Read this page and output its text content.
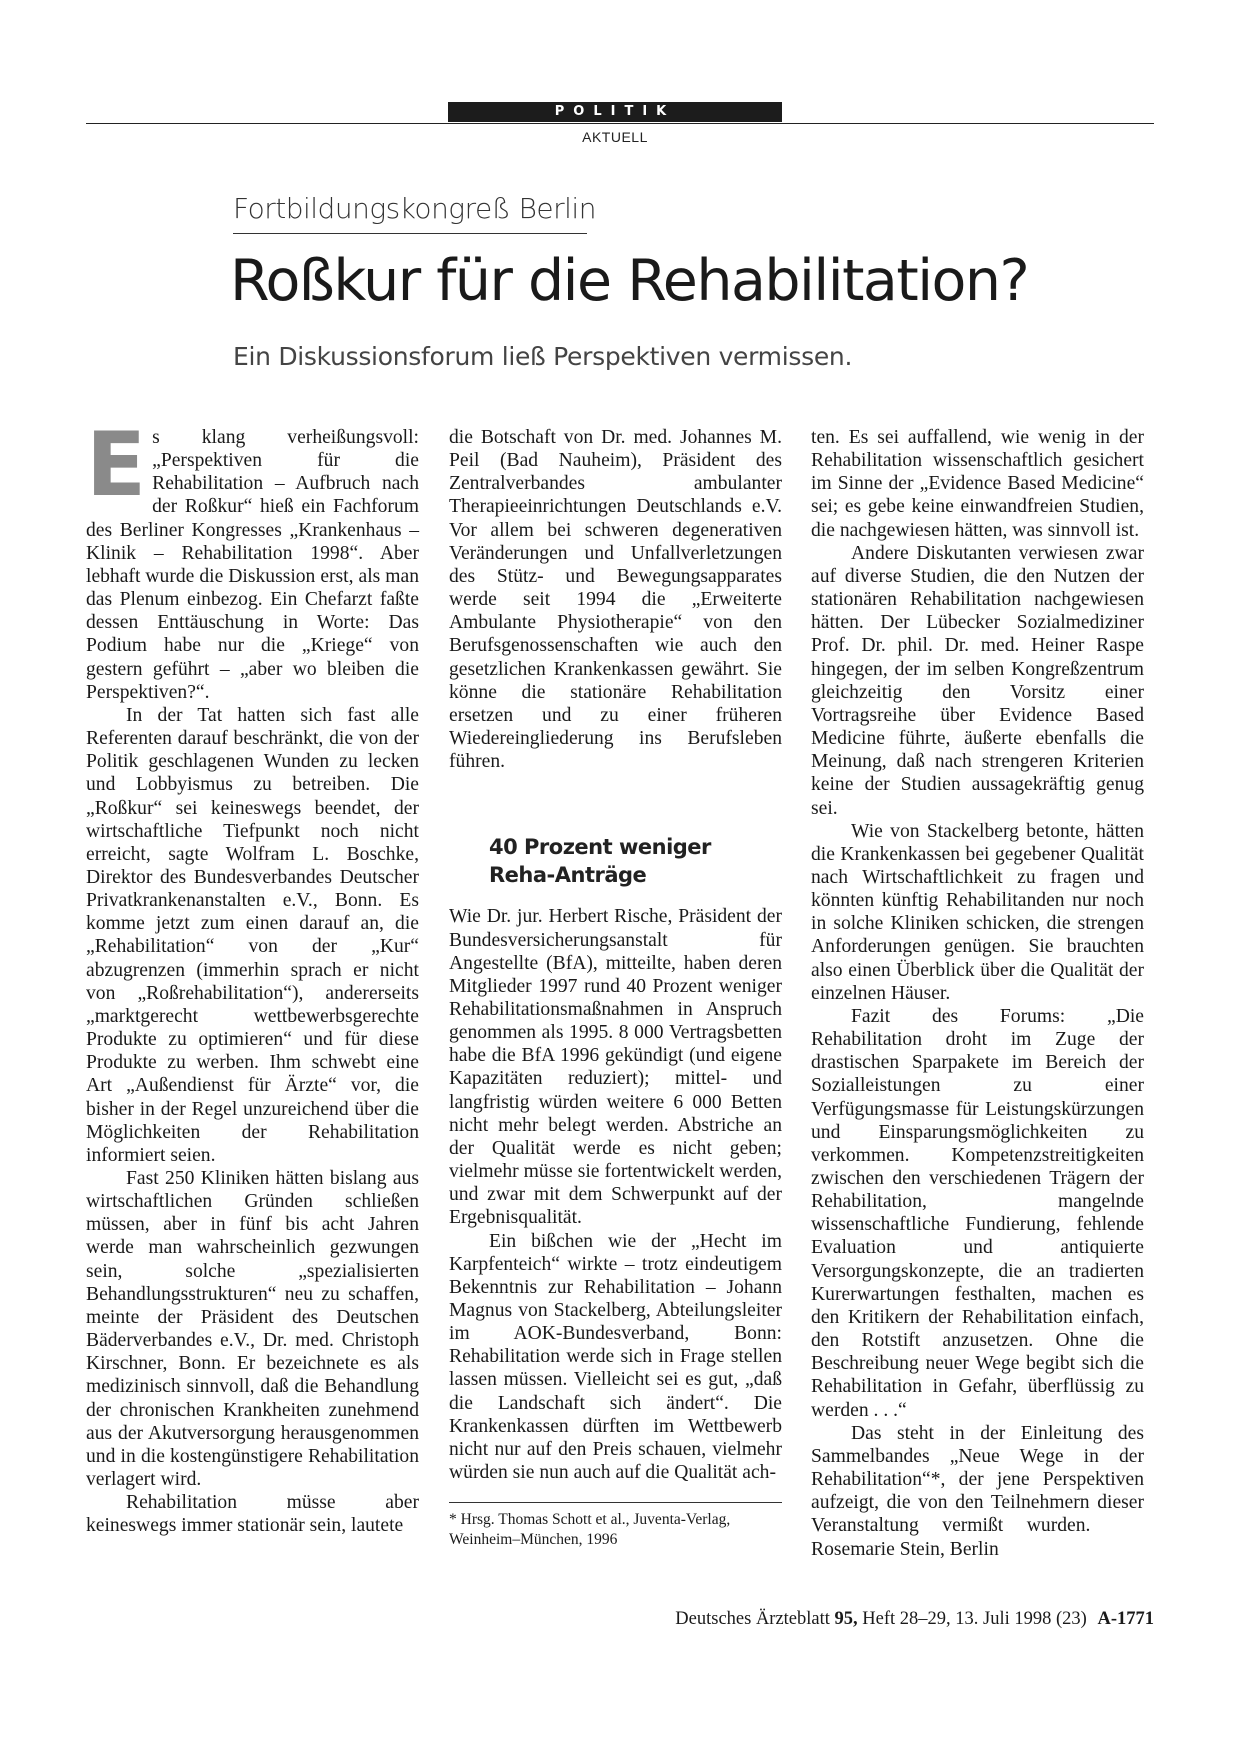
POLITIK
AKTUELL
Fortbildungskongreß Berlin
Roßkur für die Rehabilitation?
Ein Diskussionsforum ließ Perspektiven vermissen.

Es klang verheißungsvoll: „Perspektiven für die Rehabilitation – Aufbruch nach der Roßkur“ hieß ein Fachforum des Berliner Kongresses „Krankenhaus – Klinik – Rehabilitation 1998“. Aber lebhaft wurde die Diskussion erst, als man das Plenum einbezog. Ein Chefarzt faßte dessen Enttäuschung in Worte: Das Podium habe nur die „Kriege“ von gestern geführt – „aber wo bleiben die Perspektiven?“.

In der Tat hatten sich fast alle Referenten darauf beschränkt, die von der Politik geschlagenen Wunden zu lecken und Lobbyismus zu betreiben. Die „Roßkur“ sei keineswegs beendet, der wirtschaftliche Tiefpunkt noch nicht erreicht, sagte Wolfram L. Boschke, Direktor des Bundesverbandes Deutscher Privatkrankenanstalten e.V., Bonn. Es komme jetzt zum einen darauf an, die „Rehabilitation“ von der „Kur“ abzugrenzen (immerhin sprach er nicht von „Roßrehabilitation“), andererseits „marktgerecht wettbewerbsgerechte Produkte zu optimieren“ und für diese Produkte zu werben. Ihm schwebt eine Art „Außendienst für Ärzte“ vor, die bisher in der Regel unzureichend über die Möglichkeiten der Rehabilitation informiert seien.

Fast 250 Kliniken hätten bislang aus wirtschaftlichen Gründen schließen müssen, aber in fünf bis acht Jahren werde man wahrscheinlich gezwungen sein, solche „spezialisierten Behandlungsstrukturen“ neu zu schaffen, meinte der Präsident des Deutschen Bäderverbandes e.V., Dr. med. Christoph Kirschner, Bonn. Er bezeichnete es als medizinisch sinnvoll, daß die Behandlung der chronischen Krankheiten zunehmend aus der Akutversorgung herausgenommen und in die kostengünstigere Rehabilitation verlagert wird.

Rehabilitation müsse aber keineswegs immer stationär sein, lautete

die Botschaft von Dr. med. Johannes M. Peil (Bad Nauheim), Präsident des Zentralverbandes ambulanter Therapieeinrichtungen Deutschlands e.V. Vor allem bei schweren degenerativen Veränderungen und Unfallverletzungen des Stütz- und Bewegungsapparates werde seit 1994 die „Erweiterte Ambulante Physiotherapie“ von den Berufsgenossenschaften wie auch den gesetzlichen Krankenkassen gewährt. Sie könne die stationäre Rehabilitation ersetzen und zu einer früheren Wiedereingliederung ins Berufsleben führen.

40 Prozent weniger
Reha-Anträge

Wie Dr. jur. Herbert Rische, Präsident der Bundesversicherungsanstalt für Angestellte (BfA), mitteilte, haben deren Mitglieder 1997 rund 40 Prozent weniger Rehabilitationsmaßnahmen in Anspruch genommen als 1995. 8 000 Vertragsbetten habe die BfA 1996 gekündigt (und eigene Kapazitäten reduziert); mittel- und langfristig würden weitere 6 000 Betten nicht mehr belegt werden. Abstriche an der Qualität werde es nicht geben; vielmehr müsse sie fortentwickelt werden, und zwar mit dem Schwerpunkt auf der Ergebnisqualität.

Ein bißchen wie der „Hecht im Karpfenteich“ wirkte – trotz eindeutigem Bekenntnis zur Rehabilitation – Johann Magnus von Stackelberg, Abteilungsleiter im AOK-Bundesverband, Bonn: Rehabilitation werde sich in Frage stellen lassen müssen. Vielleicht sei es gut, „daß die Landschaft sich ändert“. Die Krankenkassen dürften im Wettbewerb nicht nur auf den Preis schauen, vielmehr würden sie nun auch auf die Qualität ach-

* Hrsg. Thomas Schott et al., Juventa-Verlag, Weinheim–München, 1996

ten. Es sei auffallend, wie wenig in der Rehabilitation wissenschaftlich gesichert im Sinne der „Evidence Based Medicine“ sei; es gebe keine einwandfreien Studien, die nachgewiesen hätten, was sinnvoll ist.

Andere Diskutanten verwiesen zwar auf diverse Studien, die den Nutzen der stationären Rehabilitation nachgewiesen hätten. Der Lübecker Sozialmediziner Prof. Dr. phil. Dr. med. Heiner Raspe hingegen, der im selben Kongreßzentrum gleichzeitig den Vorsitz einer Vortragsreihe über Evidence Based Medicine führte, äußerte ebenfalls die Meinung, daß nach strengeren Kriterien keine der Studien aussagekräftig genug sei.

Wie von Stackelberg betonte, hätten die Krankenkassen bei gegebener Qualität nach Wirtschaftlichkeit zu fragen und könnten künftig Rehabilitanden nur noch in solche Kliniken schicken, die strengen Anforderungen genügen. Sie brauchten also einen Überblick über die Qualität der einzelnen Häuser.

Fazit des Forums: „Die Rehabilitation droht im Zuge der drastischen Sparpakete im Bereich der Sozialleistungen zu einer Verfügungsmasse für Leistungskürzungen und Einsparungsmöglichkeiten zu verkommen. Kompetenzstreitigkeiten zwischen den verschiedenen Trägern der Rehabilitation, mangelnde wissenschaftliche Fundierung, fehlende Evaluation und antiquierte Versorgungskonzepte, die an tradierten Kurerwartungen festhalten, machen es den Kritikern der Rehabilitation einfach, den Rotstift anzusetzen. Ohne die Beschreibung neuer Wege begibt sich die Rehabilitation in Gefahr, überflüssig zu werden . . .“

Das steht in der Einleitung des Sammelbandes „Neue Wege in der Rehabilitation“*, der jene Perspektiven aufzeigt, die von den Teilnehmern dieser Veranstaltung vermißt wurden. Rosemarie Stein, Berlin

Deutsches Ärzteblatt 95, Heft 28–29, 13. Juli 1998 (23) A-1771
